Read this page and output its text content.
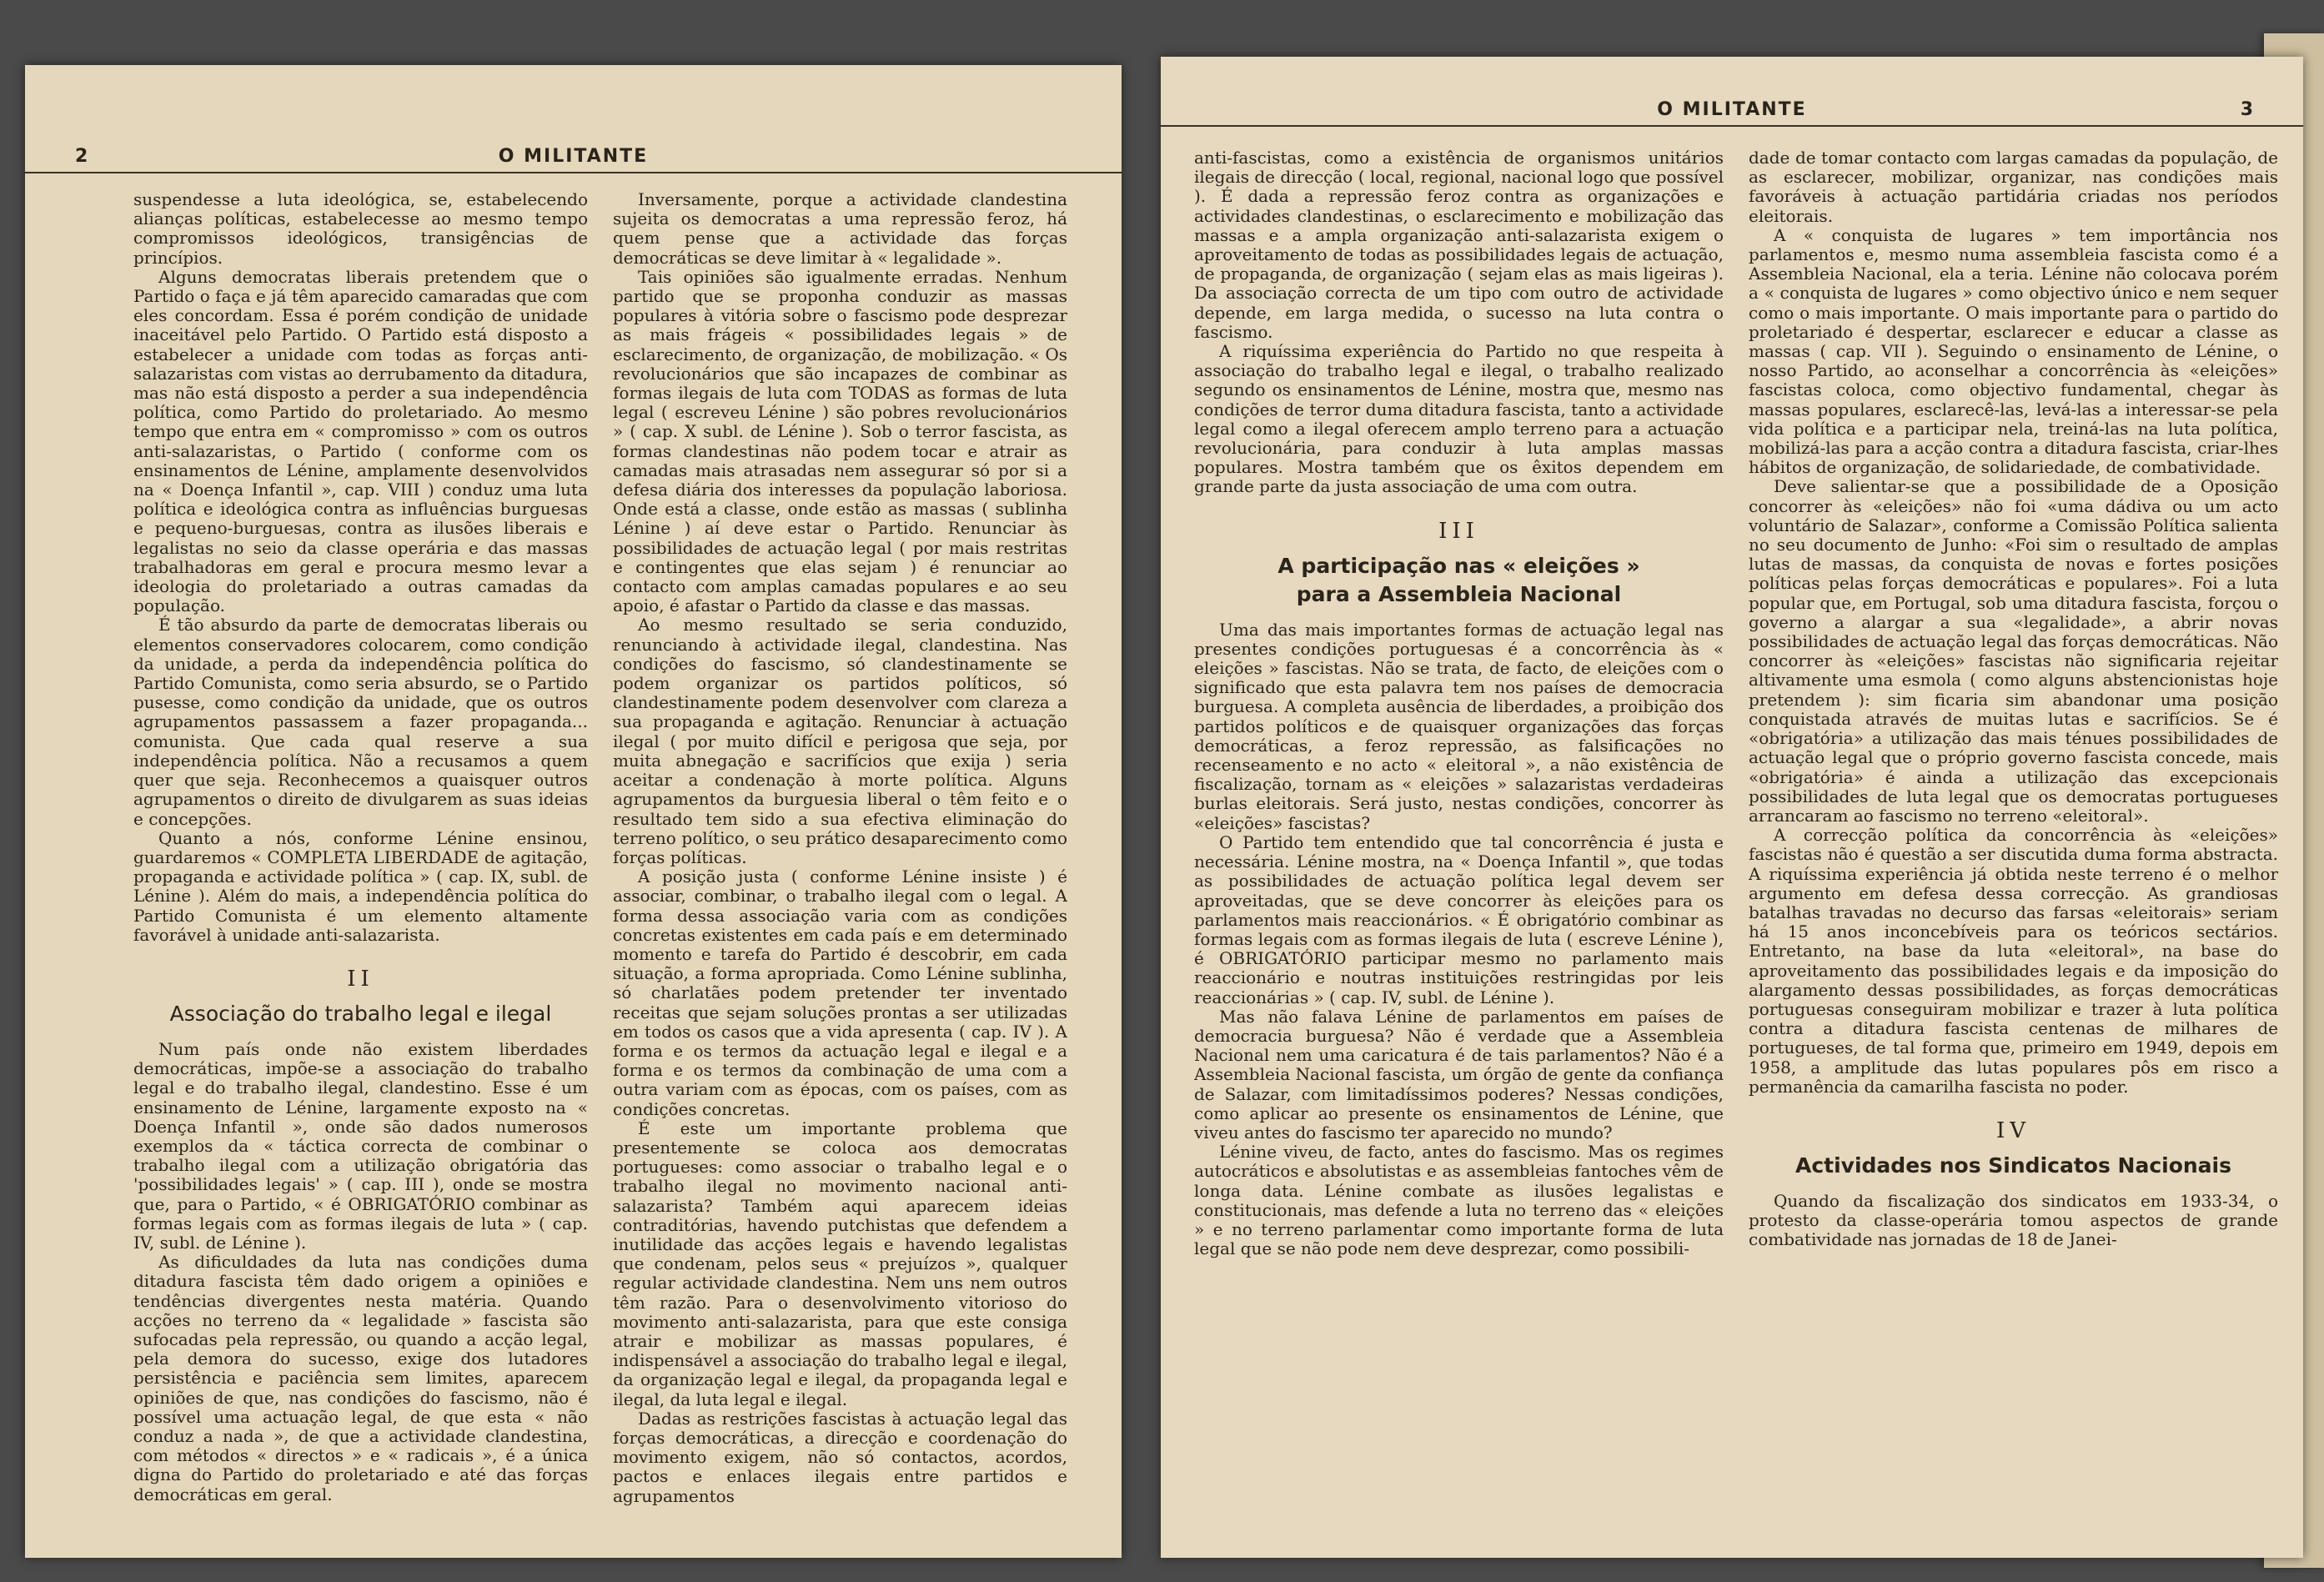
2	O MILITANTE

suspendesse a luta ideológica, se, estabelecendo alianças políticas, estabelecesse ao mesmo tempo compromissos ideológicos, transigências de princípios.

Alguns democratas liberais pretendem que o Partido o faça e já têm aparecido camaradas que com eles concordam. Essa é porém condição de unidade inaceitável pelo Partido. O Partido está disposto a estabelecer a unidade com todas as forças anti-salazaristas com vistas ao derrubamento da ditadura, mas não está disposto a perder a sua independência política, como Partido do proletariado. Ao mesmo tempo que entra em « compromisso » com os outros anti-salazaristas, o Partido ( conforme com os ensinamentos de Lénine, amplamente desenvolvidos na « Doença Infantil », cap. VIII ) conduz uma luta política e ideológica contra as influências burguesas e pequeno-burguesas, contra as ilusões liberais e legalistas no seio da classe operária e das massas trabalhadoras em geral e procura mesmo levar a ideologia do proletariado a outras camadas da população.

É tão absurdo da parte de democratas liberais ou elementos conservadores colocarem, como condição da unidade, a perda da independência política do Partido Comunista, como seria absurdo, se o Partido pusesse, como condição da unidade, que os outros agrupamentos passassem a fazer propaganda... comunista. Que cada qual reserve a sua independência política. Não a recusamos a quem quer que seja. Reconhecemos a quaisquer outros agrupamentos o direito de divulgarem as suas ideias e concepções.

Quanto a nós, conforme Lénine ensinou, guardaremos « COMPLETA LIBERDADE de agitação, propaganda e actividade política » ( cap. IX, subl. de Lénine ). Além do mais, a independência política do Partido Comunista é um elemento altamente favorável à unidade anti-salazarista.

II
Associação do trabalho legal e ilegal

Num país onde não existem liberdades democráticas, impõe-se a associação do trabalho legal e do trabalho ilegal, clandestino. Esse é um ensinamento de Lénine, largamente exposto na « Doença Infantil », onde são dados numerosos exemplos da « táctica correcta de combinar o trabalho ilegal com a utilização obrigatória das 'possibilidades legais' » ( cap. III ), onde se mostra que, para o Partido, « é OBRIGATÓRIO combinar as formas legais com as formas ilegais de luta » ( cap. IV, subl. de Lénine ).

As dificuldades da luta nas condições duma ditadura fascista têm dado origem a opiniões e tendências divergentes nesta matéria. Quando acções no terreno da « legalidade » fascista são sufocadas pela repressão, ou quando a acção legal, pela demora do sucesso, exige dos lutadores persistência e paciência sem limites, aparecem opiniões de que, nas condições do fascismo, não é possível uma actuação legal, de que esta « não conduz a nada », de que a actividade clandestina, com métodos « directos » e « radicais », é a única digna do Partido do proletariado e até das forças democráticas em geral.

Inversamente, porque a actividade clandestina sujeita os democratas a uma repressão feroz, há quem pense que a actividade das forças democráticas se deve limitar à « legalidade ».

Tais opiniões são igualmente erradas. Nenhum partido que se proponha conduzir as massas populares à vitória sobre o fascismo pode desprezar as mais frágeis « possibilidades legais » de esclarecimento, de organização, de mobilização. « Os revolucionários que são incapazes de combinar as formas ilegais de luta com TODAS as formas de luta legal ( escreveu Lénine ) são pobres revolucionários » ( cap. X subl. de Lénine ). Sob o terror fascista, as formas clandestinas não podem tocar e atrair as camadas mais atrasadas nem assegurar só por si a defesa diária dos interesses da população laboriosa. Onde está a classe, onde estão as massas ( sublinha Lénine ) aí deve estar o Partido. Renunciar às possibilidades de actuação legal ( por mais restritas e contingentes que elas sejam ) é renunciar ao contacto com amplas camadas populares e ao seu apoio, é afastar o Partido da classe e das massas.

Ao mesmo resultado se seria conduzido, renunciando à actividade ilegal, clandestina. Nas condições do fascismo, só clandestinamente se podem organizar os partidos políticos, só clandestinamente podem desenvolver com clareza a sua propaganda e agitação. Renunciar à actuação ilegal ( por muito difícil e perigosa que seja, por muita abnegação e sacrifícios que exija ) seria aceitar a condenação à morte política. Alguns agrupamentos da burguesia liberal o têm feito e o resultado tem sido a sua efectiva eliminação do terreno político, o seu prático desaparecimento como forças políticas.

A posição justa ( conforme Lénine insiste ) é associar, combinar, o trabalho ilegal com o legal. A forma dessa associação varia com as condições concretas existentes em cada país e em determinado momento e tarefa do Partido é descobrir, em cada situação, a forma apropriada. Como Lénine sublinha, só charlatães podem pretender ter inventado receitas que sejam soluções prontas a ser utilizadas em todos os casos que a vida apresenta ( cap. IV ). A forma e os termos da actuação legal e ilegal e a forma e os termos da combinação de uma com a outra variam com as épocas, com os países, com as condições concretas.

É este um importante problema que presentemente se coloca aos democratas portugueses: como associar o trabalho legal e o trabalho ilegal no movimento nacional anti-salazarista? Também aqui aparecem ideias contraditórias, havendo putchistas que defendem a inutilidade das acções legais e havendo legalistas que condenam, pelos seus « prejuízos », qualquer regular actividade clandestina. Nem uns nem outros têm razão. Para o desenvolvimento vitorioso do movimento anti-salazarista, para que este consiga atrair e mobilizar as massas populares, é indispensável a associação do trabalho legal e ilegal, da organização legal e ilegal, da propaganda legal e ilegal, da luta legal e ilegal.

Dadas as restrições fascistas à actuação legal das forças democráticas, a direcção e coordenação do movimento exigem, não só contactos, acordos, pactos e enlaces ilegais entre partidos e agrupamentos

O MILITANTE	3

anti-fascistas, como a existência de organismos unitários ilegais de direcção ( local, regional, nacional logo que possível ). É dada a repressão feroz contra as organizações e actividades clandestinas, o esclarecimento e mobilização das massas e a ampla organização anti-salazarista exigem o aproveitamento de todas as possibilidades legais de actuação, de propaganda, de organização ( sejam elas as mais ligeiras ). Da associação correcta de um tipo com outro de actividade depende, em larga medida, o sucesso na luta contra o fascismo.

A riquíssima experiência do Partido no que respeita à associação do trabalho legal e ilegal, o trabalho realizado segundo os ensinamentos de Lénine, mostra que, mesmo nas condições de terror duma ditadura fascista, tanto a actividade legal como a ilegal oferecem amplo terreno para a actuação revolucionária, para conduzir à luta amplas massas populares. Mostra também que os êxitos dependem em grande parte da justa associação de uma com outra.

III
A participação nas « eleições »
para a Assembleia Nacional

Uma das mais importantes formas de actuação legal nas presentes condições portuguesas é a concorrência às « eleições » fascistas. Não se trata, de facto, de eleições com o significado que esta palavra tem nos países de democracia burguesa. A completa ausência de liberdades, a proibição dos partidos políticos e de quaisquer organizações das forças democráticas, a feroz repressão, as falsificações no recenseamento e no acto « eleitoral », a não existência de fiscalização, tornam as « eleições » salazaristas verdadeiras burlas eleitorais. Será justo, nestas condições, concorrer às «eleições» fascistas?

O Partido tem entendido que tal concorrência é justa e necessária. Lénine mostra, na « Doença Infantil », que todas as possibilidades de actuação política legal devem ser aproveitadas, que se deve concorrer às eleições para os parlamentos mais reaccionários. « É obrigatório combinar as formas legais com as formas ilegais de luta ( escreve Lénine ), é OBRIGATÓRIO participar mesmo no parlamento mais reaccionário e noutras instituições restringidas por leis reaccionárias » ( cap. IV, subl. de Lénine ).

Mas não falava Lénine de parlamentos em países de democracia burguesa? Não é verdade que a Assembleia Nacional nem uma caricatura é de tais parlamentos? Não é a Assembleia Nacional fascista, um órgão de gente da confiança de Salazar, com limitadíssimos poderes? Nessas condições, como aplicar ao presente os ensinamentos de Lénine, que viveu antes do fascismo ter aparecido no mundo?

Lénine viveu, de facto, antes do fascismo. Mas os regimes autocráticos e absolutistas e as assembleias fantoches vêm de longa data. Lénine combate as ilusões legalistas e constitucionais, mas defende a luta no terreno das « eleições » e no terreno parlamentar como importante forma de luta legal que se não pode nem deve desprezar, como possibili-

dade de tomar contacto com largas camadas da população, de as esclarecer, mobilizar, organizar, nas condições mais favoráveis à actuação partidária criadas nos períodos eleitorais.

A « conquista de lugares » tem importância nos parlamentos e, mesmo numa assembleia fascista como é a Assembleia Nacional, ela a teria. Lénine não colocava porém a « conquista de lugares » como objectivo único e nem sequer como o mais importante. O mais importante para o partido do proletariado é despertar, esclarecer e educar a classe as massas ( cap. VII ). Seguindo o ensinamento de Lénine, o nosso Partido, ao aconselhar a concorrência às «eleições» fascistas coloca, como objectivo fundamental, chegar às massas populares, esclarecê-las, levá-las a interessar-se pela vida política e a participar nela, treiná-las na luta política, mobilizá-las para a acção contra a ditadura fascista, criar-lhes hábitos de organização, de solidariedade, de combatividade.

Deve salientar-se que a possibilidade de a Oposição concorrer às «eleições» não foi «uma dádiva ou um acto voluntário de Salazar», conforme a Comissão Política salienta no seu documento de Junho: «Foi sim o resultado de amplas lutas de massas, da conquista de novas e fortes posições políticas pelas forças democráticas e populares». Foi a luta popular que, em Portugal, sob uma ditadura fascista, forçou o governo a alargar a sua «legalidade», a abrir novas possibilidades de actuação legal das forças democráticas. Não concorrer às «eleições» fascistas não significaria rejeitar altivamente uma esmola ( como alguns abstencionistas hoje pretendem ): sim ficaria sim abandonar uma posição conquistada através de muitas lutas e sacrifícios. Se é «obrigatória» a utilização das mais ténues possibilidades de actuação legal que o próprio governo fascista concede, mais «obrigatória» é ainda a utilização das excepcionais possibilidades de luta legal que os democratas portugueses arrancaram ao fascismo no terreno «eleitoral».

A correcção política da concorrência às «eleições» fascistas não é questão a ser discutida duma forma abstracta. A riquíssima experiência já obtida neste terreno é o melhor argumento em defesa dessa correcção. As grandiosas batalhas travadas no decurso das farsas «eleitorais» seriam há 15 anos inconcebíveis para os teóricos sectários. Entretanto, na base da luta «eleitoral», na base do aproveitamento das possibilidades legais e da imposição do alargamento dessas possibilidades, as forças democráticas portuguesas conseguiram mobilizar e trazer à luta política contra a ditadura fascista centenas de milhares de portugueses, de tal forma que, primeiro em 1949, depois em 1958, a amplitude das lutas populares pôs em risco a permanência da camarilha fascista no poder.

IV
Actividades nos Sindicatos Nacionais

Quando da fiscalização dos sindicatos em 1933-34, o protesto da classe-operária tomou aspectos de grande combatividade nas jornadas de 18 de Janei-
